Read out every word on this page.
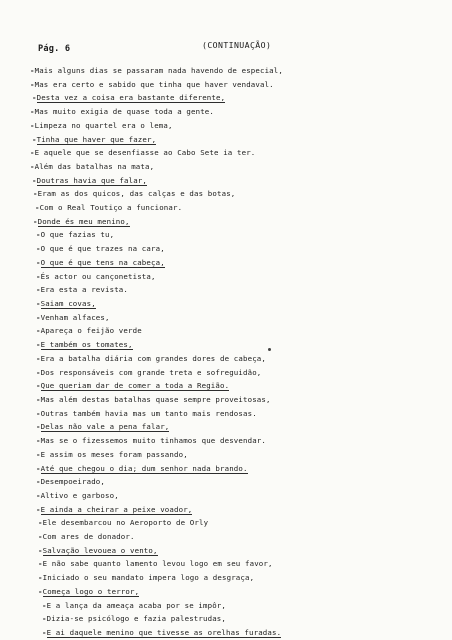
Pág. 6	(CONTINUAÇÃO)
-Mais alguns dias se passaram nada havendo de especial,
-Mas era certo e sabido que tinha que haver vendaval.
-Desta vez a coisa era bastante diferente,
-Mas muito exigia de quase toda a gente.
-Limpeza no quartel era o lema,
-Tinha que haver que fazer,
-E aquele que se desenfiasse ao Cabo Sete ia ter.
-Além das batalhas na mata,
-Doutras havia que falar,
-Eram as dos quicos, das calças e das botas,
-Com o Real Toutiço a funcionar.
-Donde és meu menino,
-O que fazias tu,
-O que é que trazes na cara,
-O que é que tens na cabeça,
-És actor ou cançonetista,
-Era esta a revista.
-Saiam covas,
-Venham alfaces,
-Apareça o feijão verde
-E também os tomates,
-Era a batalha diária com grandes dores de cabeça,
-Dos responsáveis com grande treta e sofreguidão,
-Que queriam dar de comer a toda a Região.
-Mas além destas batalhas quase sempre proveitosas,
-Outras também havia mas um tanto mais rendosas.
-Delas não vale a pena falar,
-Mas se o fizessemos muito tinhamos que desvendar.
-E assim os meses foram passando,
-Até que chegou o dia; dum senhor nada brando.
-Desempoeirado,
-Altivo e garboso,
-E ainda a cheirar a peixe voador,
-Ele desembarcou no Aeroporto de Orly
-Com ares de donador.
-Salvação levouea o vento,
-E não sabe quanto lamento levou logo em seu favor,
-Iniciado o seu mandato impera logo a desgraça,
-Começa logo o terror,
-E a lança da ameaça acaba por se impôr,
-Dizia-se psicólogo e fazia palestrudas,
-E ai daquele menino que tivesse as orelhas furadas.
